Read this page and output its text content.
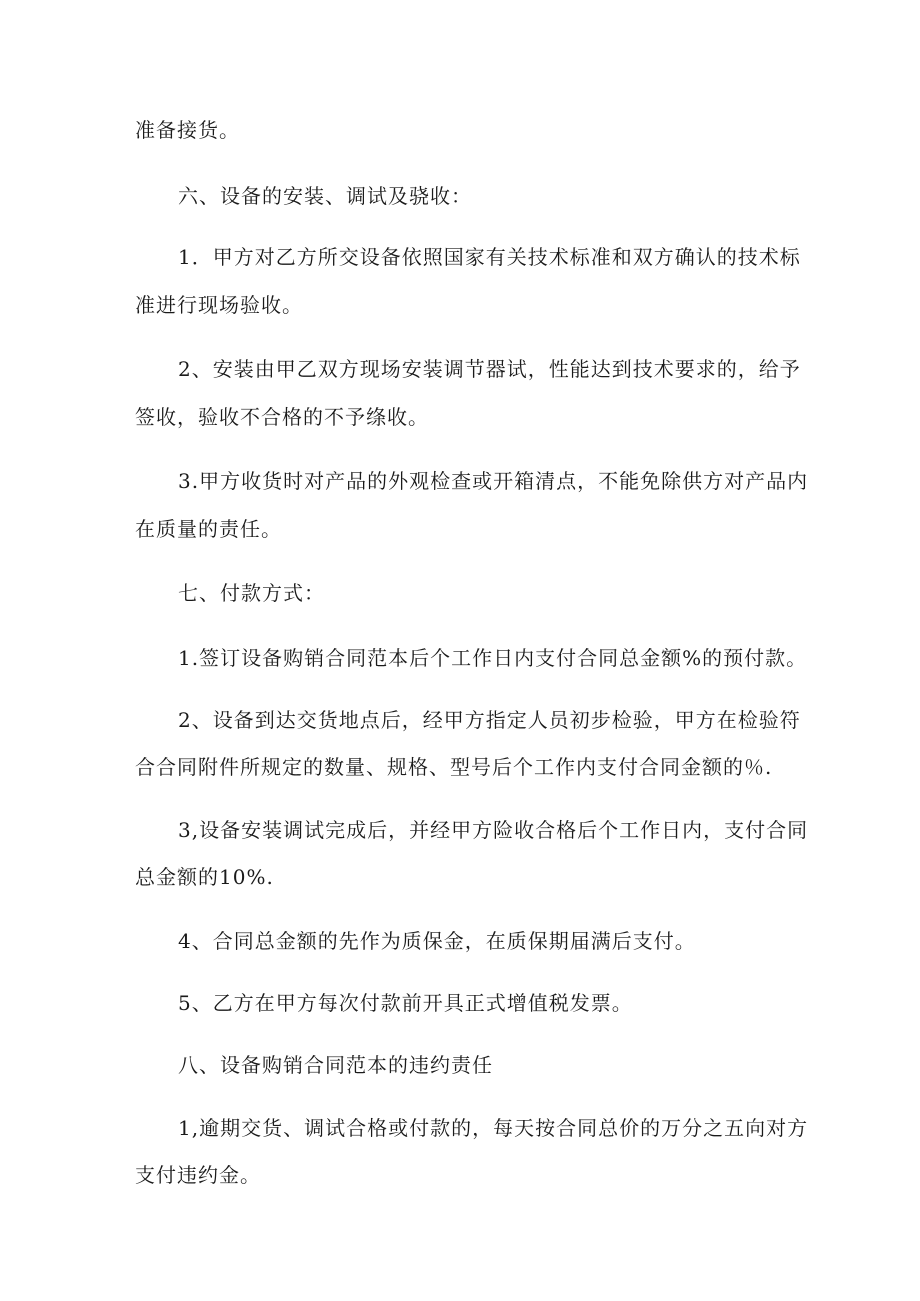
准备接货。
六、设备的安装、调试及骁收：
1．甲方对乙方所交设备依照国家有关技术标准和双方确认的技术标
准进行现场验收。
2、安装由甲乙双方现场安装调节器试，性能达到技术要求的，给予
签收，验收不合格的不予绦收。
3.甲方收货时对产品的外观检查或开箱清点，不能免除供方对产品内
在质量的责任。
七、付款方式：
1.签订设备购销合同范本后个工作日内支付合同总金额%的预付款。
2、设备到达交货地点后，经甲方指定人员初步检验，甲方在检验符
合合同附件所规定的数量、规格、型号后个工作内支付合同金额的％.
3,设备安装调试完成后，并经甲方险收合格后个工作日内，支付合同
总金额的10%.
4、合同总金额的先作为质保金，在质保期届满后支付。
5、乙方在甲方每次付款前开具正式增值税发票。
八、设备购销合同范本的违约责任
1,逾期交货、调试合格或付款的，每天按合同总价的万分之五向对方
支付违约金。
